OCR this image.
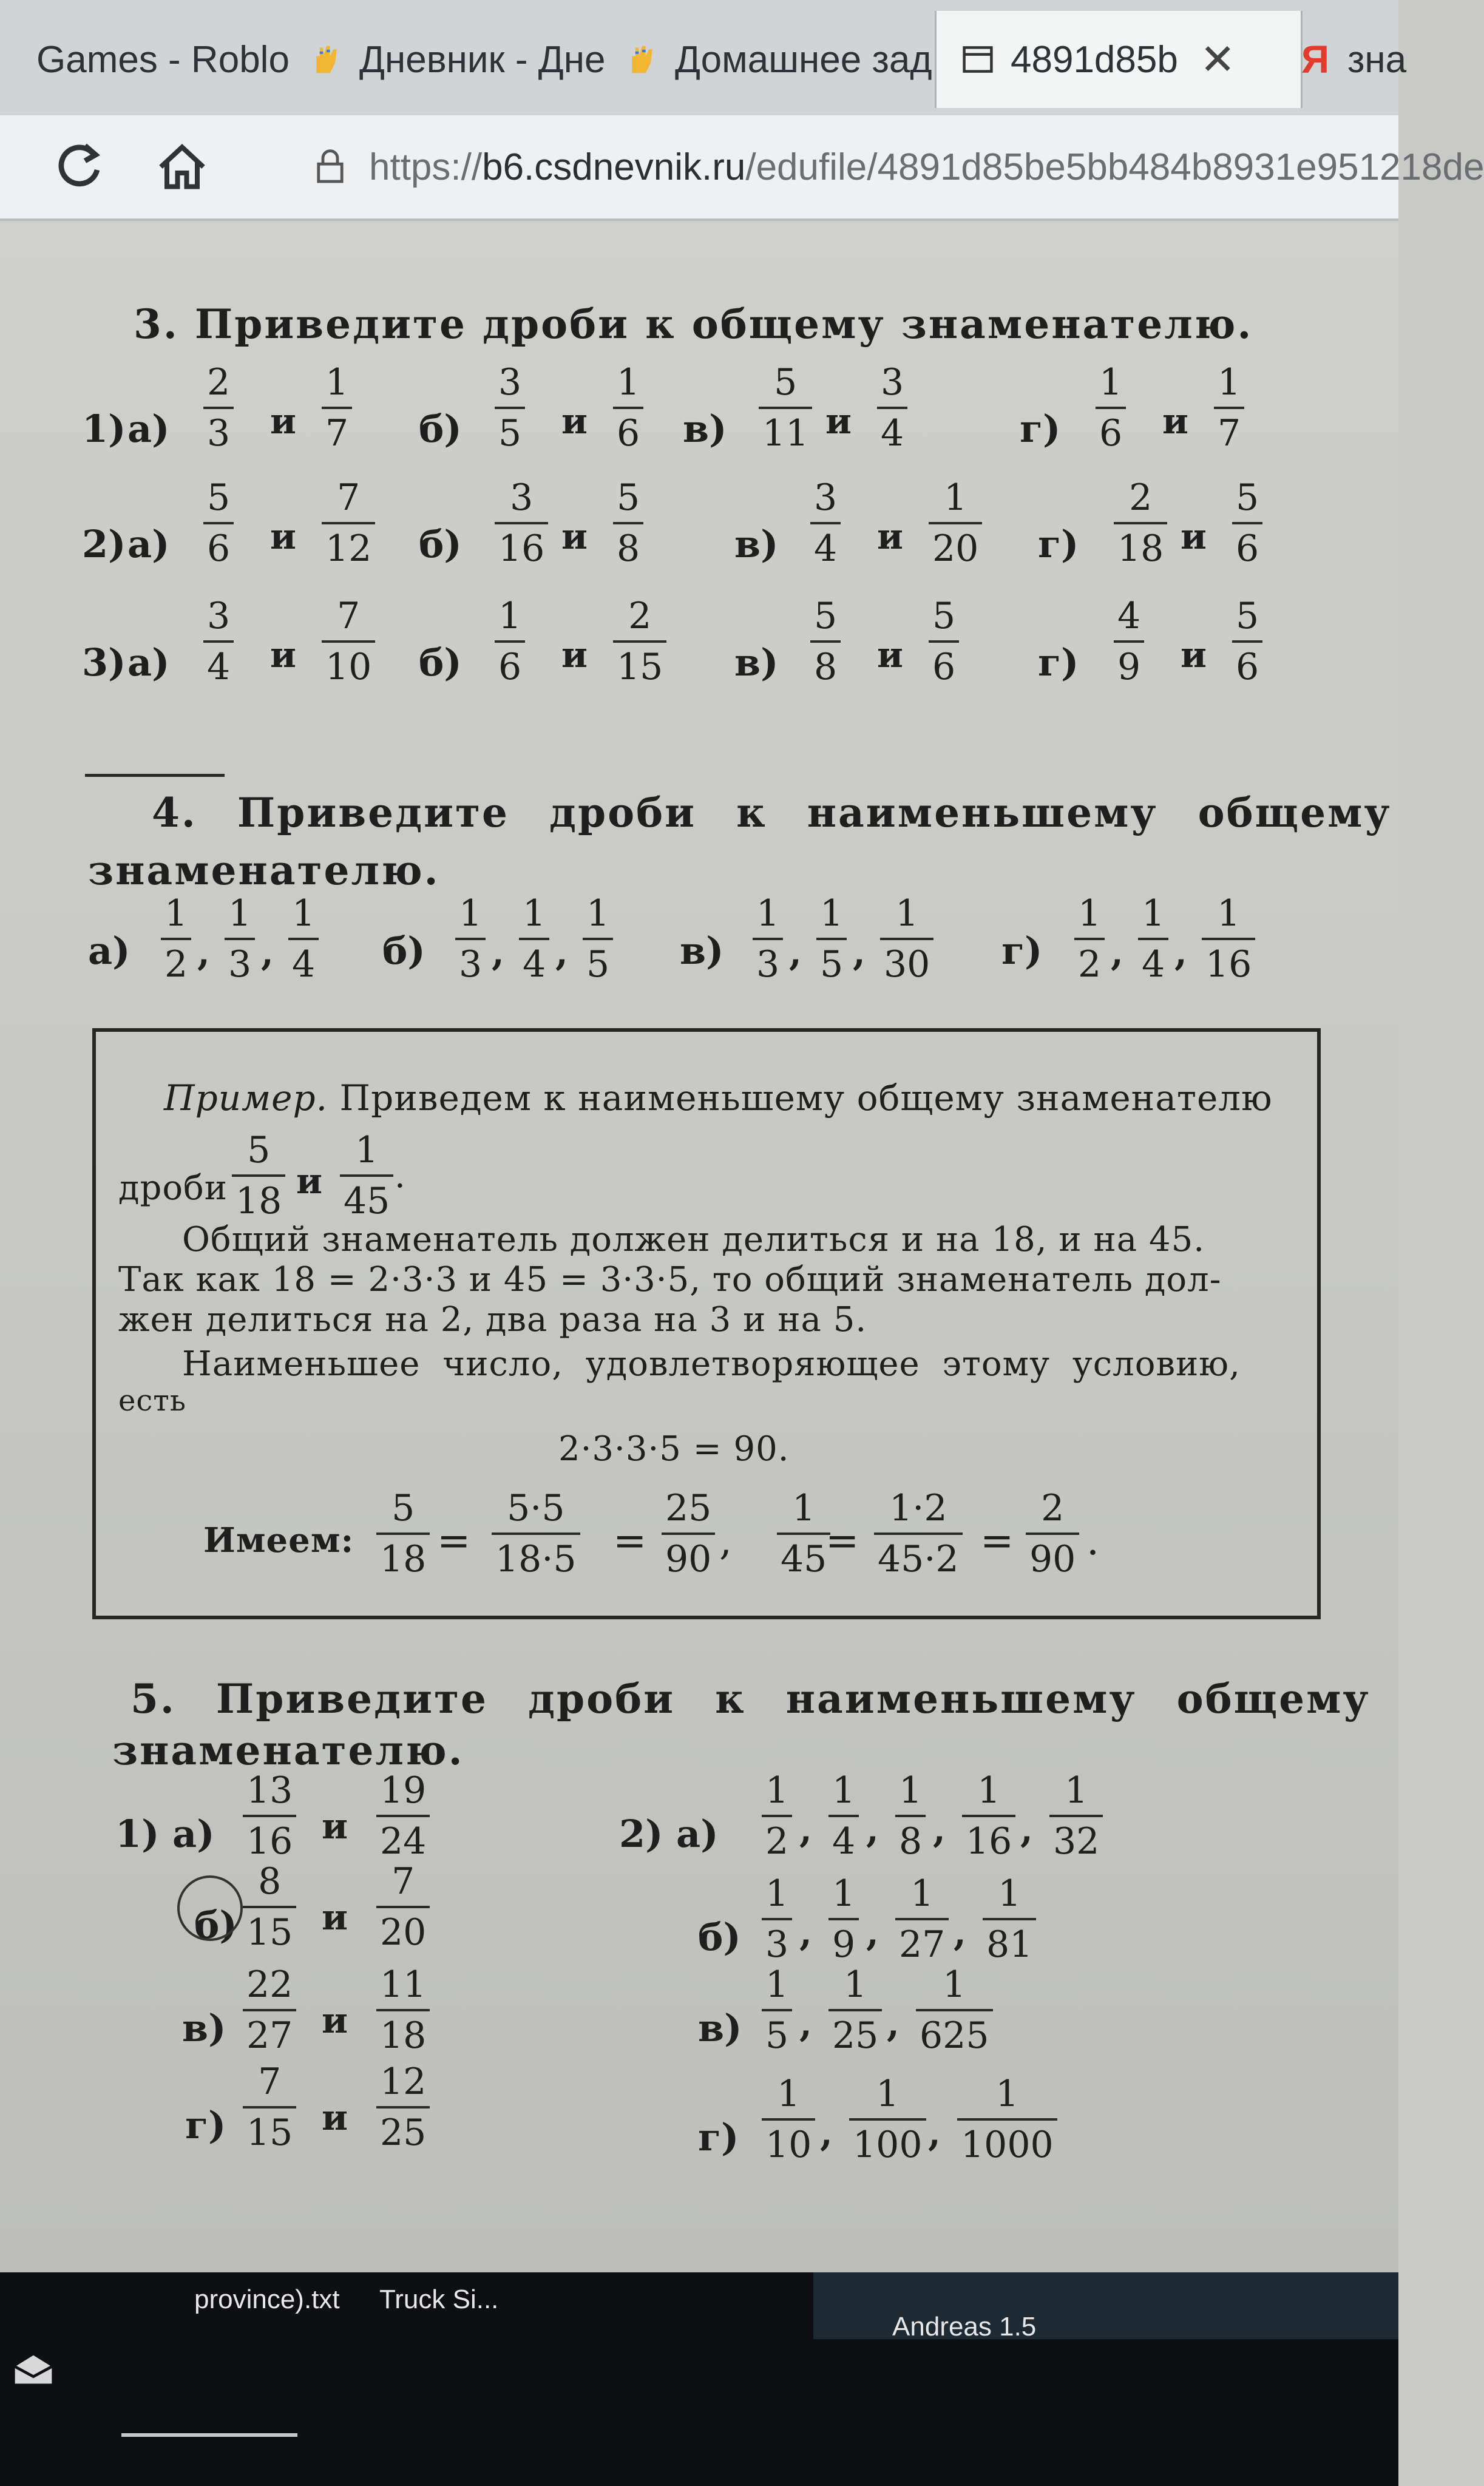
Games - Roblo Дневник - Дне Домашнее зад 4891d85b ✕ Я зна
https:// b6.csdnevnik.ru /edufile/4891d85be5bb484b8931e951218de
3. Приведите дроби к общему знаменателю.
1) $а) \frac{2}{3}$ и $\frac{1}{7} б) \frac{3}{5}$ и $\frac{1}{6} в) \frac{5}{11}$ и $\frac{3}{4}$	$г) \frac{1}{6}$ и $\frac{1}{7}$
2) $а) \frac{5}{6}$ и $\frac{7}{12} б) \frac{3}{16}$ и $\frac{5}{8} в) \frac{3}{4}$ и $\frac{1}{20} г) \frac{2}{18}$ и $\frac{5}{6}$
3) $а) \frac{3}{4}$ и $\frac{7}{10} б) \frac{1}{6}$ и $\frac{2}{15} в) \frac{5}{8}$ и $\frac{5}{6} г) \frac{4}{9}$ и $\frac{5}{6}$
4. Приведите дроби к наименьшему общему
знаменателю.
$а) \frac{1}{2}$ , $\frac{1}{3}$ , $\frac{1}{4} б) \frac{1}{3}$ , $\frac{1}{4}$ , $\frac{1}{5} в) \frac{1}{3}$ , $\frac{1}{5}$ , $\frac{1}{30} г) \frac{1}{2}$ , $\frac{1}{4}$ , $\frac{1}{16}$
Пример. Приведем к наименьшему общему знаменателю
дроби $\frac{5}{18}$ и $\frac{1}{45}$ .
Общий знаменатель должен делиться и на 18, и на 45.
Так как 18 = 2·3·3 и 45 = 3·3·5, то общий знаменатель дол-
жен делиться на 2, два раза на 3 и на 5.
Наименьшее число, удовлетворяющее этому условию,
есть
2·3·3·5 = 90.
Имеем: $\frac{5}{18} \frac{5\cdot 5}{18\cdot 5} \frac{25}{90} \frac{1}{45} \frac{1\cdot 2}{45\cdot 2} \frac{2}{90}$
=	= , =	= .
5. Приведите дроби к наименьшему общему
знаменателю.
1) $а) \frac{13}{16}$ и $\frac{19}{24}$
$б) \frac{8}{15}$ и $\frac{7}{20}$
$в) \frac{22}{27}$ и $\frac{11}{18}$
$г) \frac{7}{15}$ и $\frac{12}{25}$
2) $а) \frac{1}{2}$ , $\frac{1}{4}$ , $\frac{1}{8}$ , $\frac{1}{16}$ , $\frac{1}{32}$
$б) \frac{1}{3}$ , $\frac{1}{9}$ , $\frac{1}{27}$ , $\frac{1}{81}$
$в) \frac{1}{5}$ , $\frac{1}{25}$ , $\frac{1}{625}$
$г) \frac{1}{10}$ , $\frac{1}{100}$ , $\frac{1}{1000}$
province).txt Truck Si...
Andreas 1.5
